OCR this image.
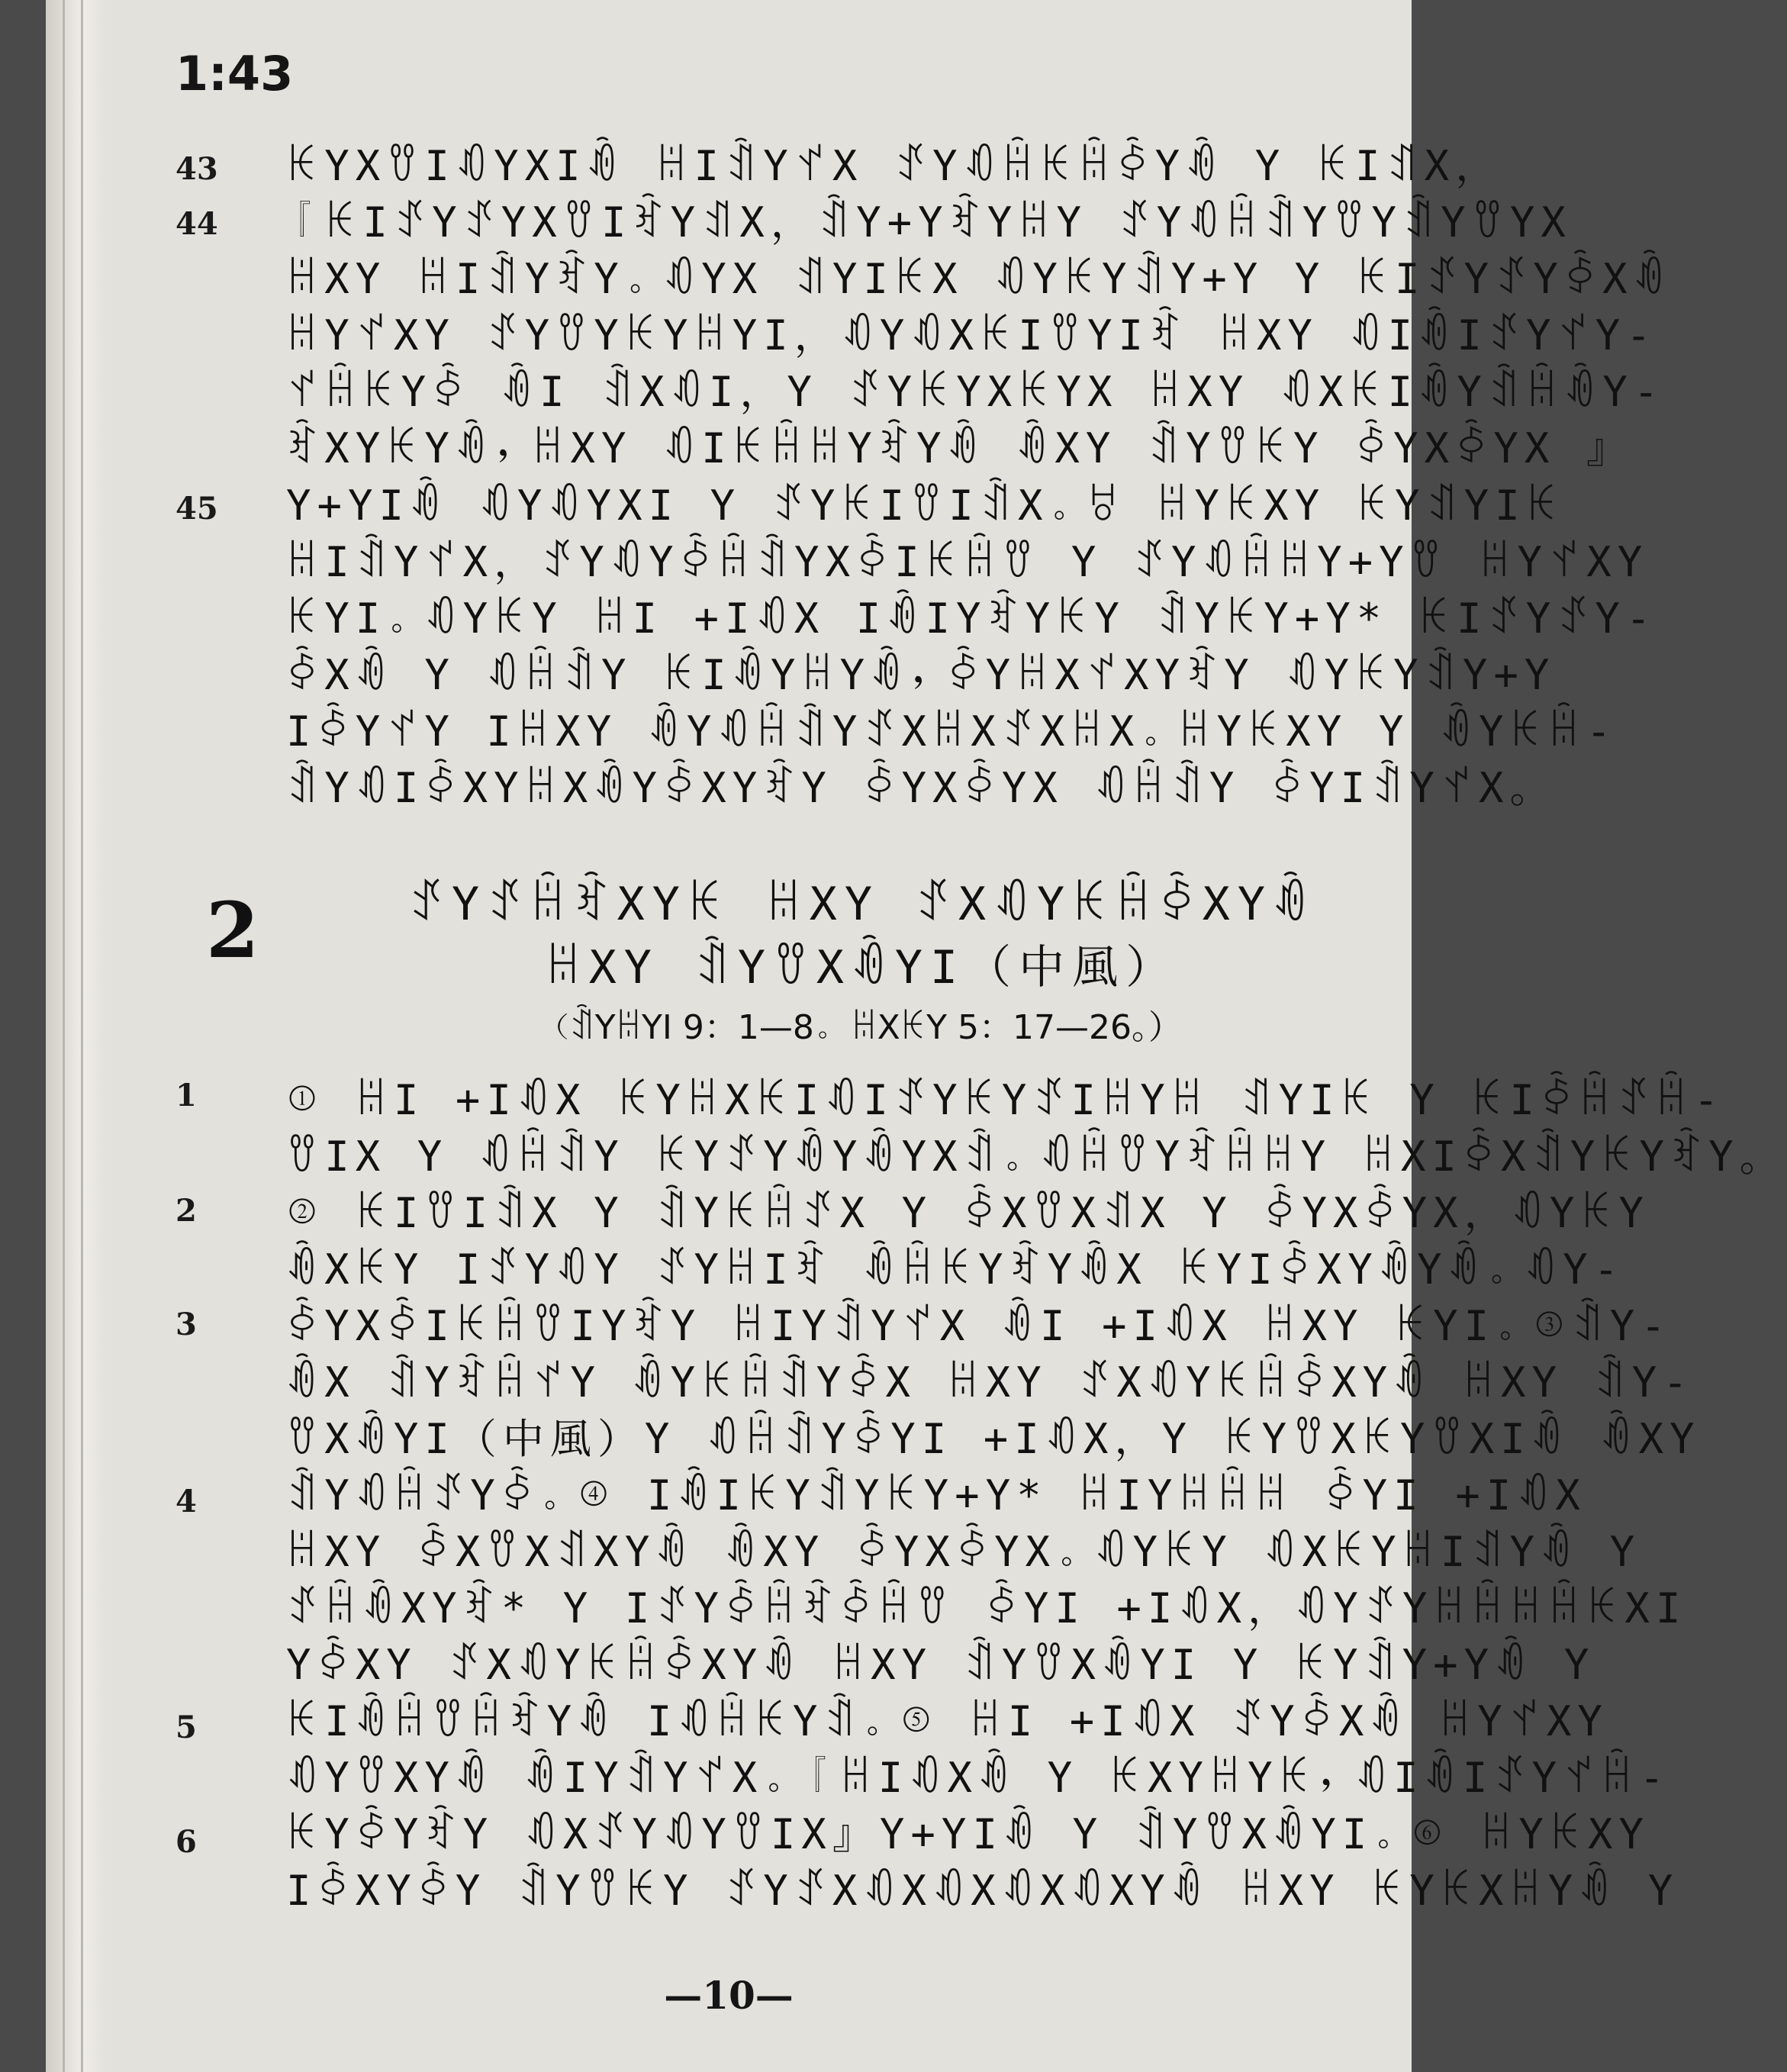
1:43
43
44
45
ꀘYXꀎIꀒYXIꀐ ꀍIꀉYꀈX ꀋYꀒꀌꀘꀌꀅYꀐ Y ꀘIꀊX，
『ꀘIꀋYꀋYXꀎIꀓYꀊX，ꀉY+YꀓYꀍY ꀋYꀒꀌꀉYꀎYꀉYꀎYX
ꀍXY ꀍIꀉYꀓY。ꀒYX ꀊYIꀘX ꀒYꀘYꀉY+Y Y ꀘIꀋYꀋYꀅXꀐ
ꀍYꀈXY ꀋYꀎYꀘYꀍYI，ꀒYꀒXꀘIꀎYIꀓ ꀍXY ꀒIꀐIꀋYꀈY-
ꀈꀌꀘYꀅ ꀐI ꀉXꀒI，Y ꀋYꀘYXꀘYX ꀍXY ꀒXꀘIꀐYꀉꀌꀐY-
ꀓXYꀘYꀐ，ꀍXY ꀒIꀘꀌꀍYꀓYꀐ ꀐXY ꀉYꀎꀘY ꀅYXꀅYX 』
Y+YIꀐ ꀒYꀒYXI Y ꀋYꀘIꀎIꀉX。ꀞ ꀍYꀘXY ꀘYꀊYIꀘ
ꀍIꀉYꀈX，ꀋYꀒYꀅꀌꀉYXꀅIꀘꀌꀎ Y ꀋYꀒꀌꀍY+Yꀎ ꀍYꀈXY
ꀘYI。ꀒYꀘY ꀍI +IꀒX IꀐIYꀓYꀘY ꀉYꀘY+Y* ꀘIꀋYꀋY-
ꀅXꀐ Y ꀒꀌꀉY ꀘIꀐYꀍYꀐ，ꀅYꀍXꀈXYꀓY ꀒYꀘYꀉY+Y
IꀅYꀈY IꀍXY ꀐYꀒꀌꀉYꀋXꀍXꀋXꀍX。ꀍYꀘXY Y ꀐYꀘꀌ-
ꀉYꀒIꀅXYꀍXꀐYꀅXYꀓY ꀅYXꀅYX ꀒꀌꀉY ꀅYIꀉYꀈX。
2	ꀋYꀋꀌꀓXYꀘ ꀍXY ꀋXꀒYꀘꀌꀅXYꀐ
ꀍXY ꀉYꀎXꀐYI（中風）
（ꀉYꀍYI 9：1—8。 ꀍXꀘY 5：17—26。）
1
2
3
4
5
6
① ꀍI +IꀒX ꀘYꀍXꀘIꀒIꀋYꀘYꀋIꀍYꀍ ꀊYIꀘ Y ꀘIꀅꀌꀋꀌ-
ꀎIX Y ꀒꀌꀉY ꀘYꀋYꀐYꀐYXꀉ。ꀒꀌꀎYꀓꀌꀍY ꀍXIꀅXꀉYꀘYꀓY。
② ꀘIꀎIꀉX Y ꀉYꀘꀌꀋX Y ꀅXꀎXꀊX Y ꀅYXꀅYX，ꀒYꀘY
ꀐXꀘY IꀋYꀒY ꀋYꀍIꀓ ꀐꀌꀘYꀓYꀐX ꀘYIꀅXYꀐYꀐ。ꀒY-
ꀅYXꀅIꀘꀌꀎIYꀓY ꀍIYꀉYꀈX ꀐI +IꀒX ꀍXY ꀘYI。③ꀉY-
ꀐX ꀉYꀓꀌꀈY ꀐYꀘꀌꀉYꀅX ꀍXY ꀋXꀒYꀘꀌꀅXYꀐ ꀍXY ꀉY-
ꀎXꀐYI（中風）Y ꀒꀌꀉYꀅYI +IꀒX，Y ꀘYꀎXꀘYꀎXIꀐ ꀐXY
ꀉYꀒꀌꀋYꀅ。④ IꀐIꀘYꀉYꀘY+Y* ꀍIYꀍꀌꀍ ꀅYI +IꀒX
ꀍXY ꀅXꀎXꀊXYꀐ ꀐXY ꀅYXꀅYX。ꀒYꀘY ꀒXꀘYꀍIꀊYꀐ Y
ꀋꀌꀐXYꀓ* Y IꀋYꀅꀌꀓꀅꀌꀎ ꀅYI +IꀒX，ꀒYꀋYꀍꀌꀍꀌꀘXI
YꀅXY ꀋXꀒYꀘꀌꀅXYꀐ ꀍXY ꀉYꀎXꀐYI Y ꀘYꀉY+Yꀐ Y
ꀘIꀐꀌꀎꀌꀓYꀐ IꀒꀌꀘYꀉ。⑤ ꀍI +IꀒX ꀋYꀅXꀐ ꀍYꀈXY
ꀒYꀎXYꀐ ꀐIYꀉYꀈX。『ꀍIꀒXꀐ Y ꀘXYꀍYꀘ，ꀒIꀐIꀋYꀈꀌ-
ꀘYꀅYꀓY ꀒXꀋYꀒYꀎIX』Y+YIꀐ Y ꀉYꀎXꀐYI。⑥ ꀍYꀘXY
IꀅXYꀅY ꀉYꀎꀘY ꀋYꀋXꀒXꀒXꀒXꀒXYꀐ ꀍXY ꀘYꀘXꀍYꀐ Y
—10—
